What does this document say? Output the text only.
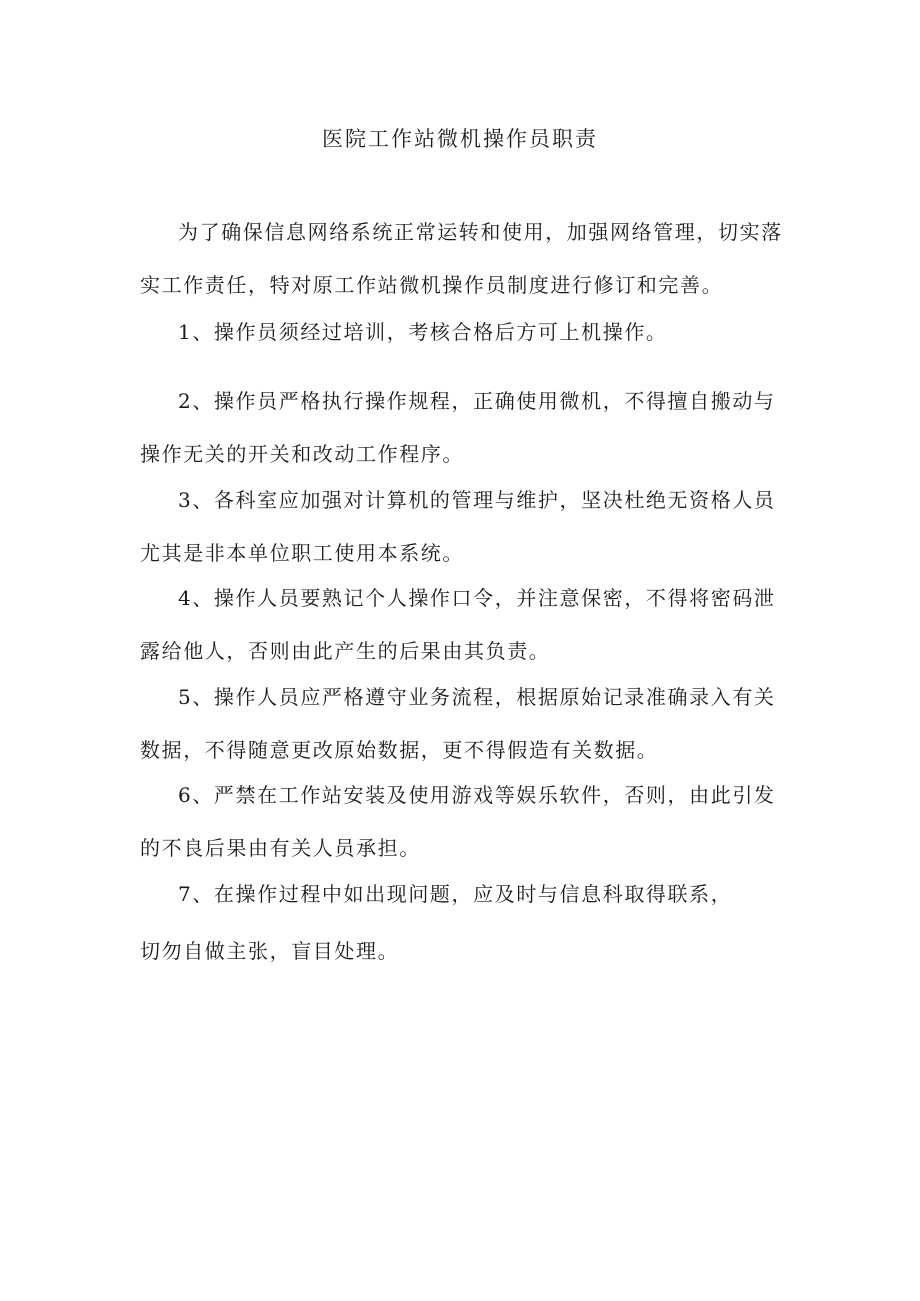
医院工作站微机操作员职责
为了确保信息网络系统正常运转和使用，加强网络管理，切实落
实工作责任，特对原工作站微机操作员制度进行修订和完善。
1、操作员须经过培训，考核合格后方可上机操作。
2、操作员严格执行操作规程，正确使用微机，不得擅自搬动与
操作无关的开关和改动工作程序。
3、各科室应加强对计算机的管理与维护，坚决杜绝无资格人员
尤其是非本单位职工使用本系统。
4、操作人员要熟记个人操作口令，并注意保密，不得将密码泄
露给他人，否则由此产生的后果由其负责。
5、操作人员应严格遵守业务流程，根据原始记录准确录入有关
数据，不得随意更改原始数据，更不得假造有关数据。
6、严禁在工作站安装及使用游戏等娱乐软件，否则，由此引发
的不良后果由有关人员承担。
7、在操作过程中如出现问题，应及时与信息科取得联系，
切勿自做主张，盲目处理。
